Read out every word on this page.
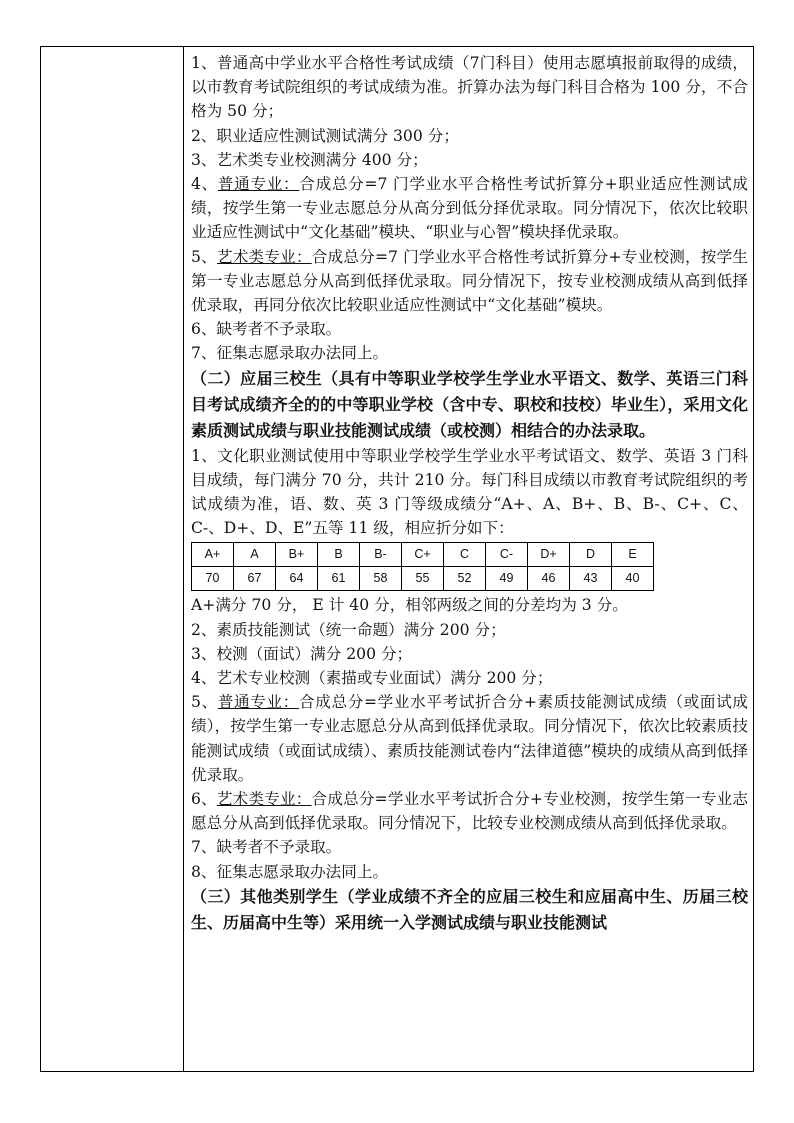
1、普通高中学业水平合格性考试成绩（7门科目）使用志愿填报前取得的成绩，以市教育考试院组织的考试成绩为准。折算办法为每门科目合格为 100 分，不合格为 50 分；

2、职业适应性测试测试满分 300 分；

3、艺术类专业校测满分 400 分；

4、普通专业：合成总分=7 门学业水平合格性考试折算分+职业适应性测试成绩，按学生第一专业志愿总分从高分到低分择优录取。同分情况下，依次比较职业适应性测试中“文化基础”模块、“职业与心智”模块择优录取。

5、艺术类专业：合成总分=7 门学业水平合格性考试折算分+专业校测，按学生第一专业志愿总分从高到低择优录取。同分情况下，按专业校测成绩从高到低择优录取，再同分依次比较职业适应性测试中“文化基础”模块。

6、缺考者不予录取。

7、征集志愿录取办法同上。

（二）应届三校生（具有中等职业学校学生学业水平语文、数学、英语三门科目考试成绩齐全的的中等职业学校（含中专、职校和技校）毕业生），采用文化素质测试成绩与职业技能测试成绩（或校测）相结合的办法录取。

1、文化职业测试使用中等职业学校学生学业水平考试语文、数学、英语 3 门科目成绩，每门满分 70 分，共计 210 分。每门科目成绩以市教育考试院组织的考试成绩为准，语、数、英 3 门等级成绩分“A+、A、B+、B、B-、C+、C、C-、D+、D、E”五等 11 级，相应折分如下：

A+	A	B+	B	B-	C+	C	C-	D+	D	E
70	67	64	61	58	55	52	49	46	43	40

A+满分 70 分， E 计 40 分，相邻两级之间的分差均为 3 分。

2、素质技能测试（统一命题）满分 200 分；

3、校测（面试）满分 200 分；

4、艺术专业校测（素描或专业面试）满分 200 分；

5、普通专业：合成总分=学业水平考试折合分+素质技能测试成绩（或面试成绩），按学生第一专业志愿总分从高到低择优录取。同分情况下，依次比较素质技能测试成绩（或面试成绩）、素质技能测试卷内“法律道德”模块的成绩从高到低择优录取。

6、艺术类专业：合成总分=学业水平考试折合分+专业校测，按学生第一专业志愿总分从高到低择优录取。同分情况下，比较专业校测成绩从高到低择优录取。

7、缺考者不予录取。

8、征集志愿录取办法同上。

（三）其他类别学生（学业成绩不齐全的应届三校生和应届高中生、历届三校生、历届高中生等）采用统一入学测试成绩与职业技能测试
